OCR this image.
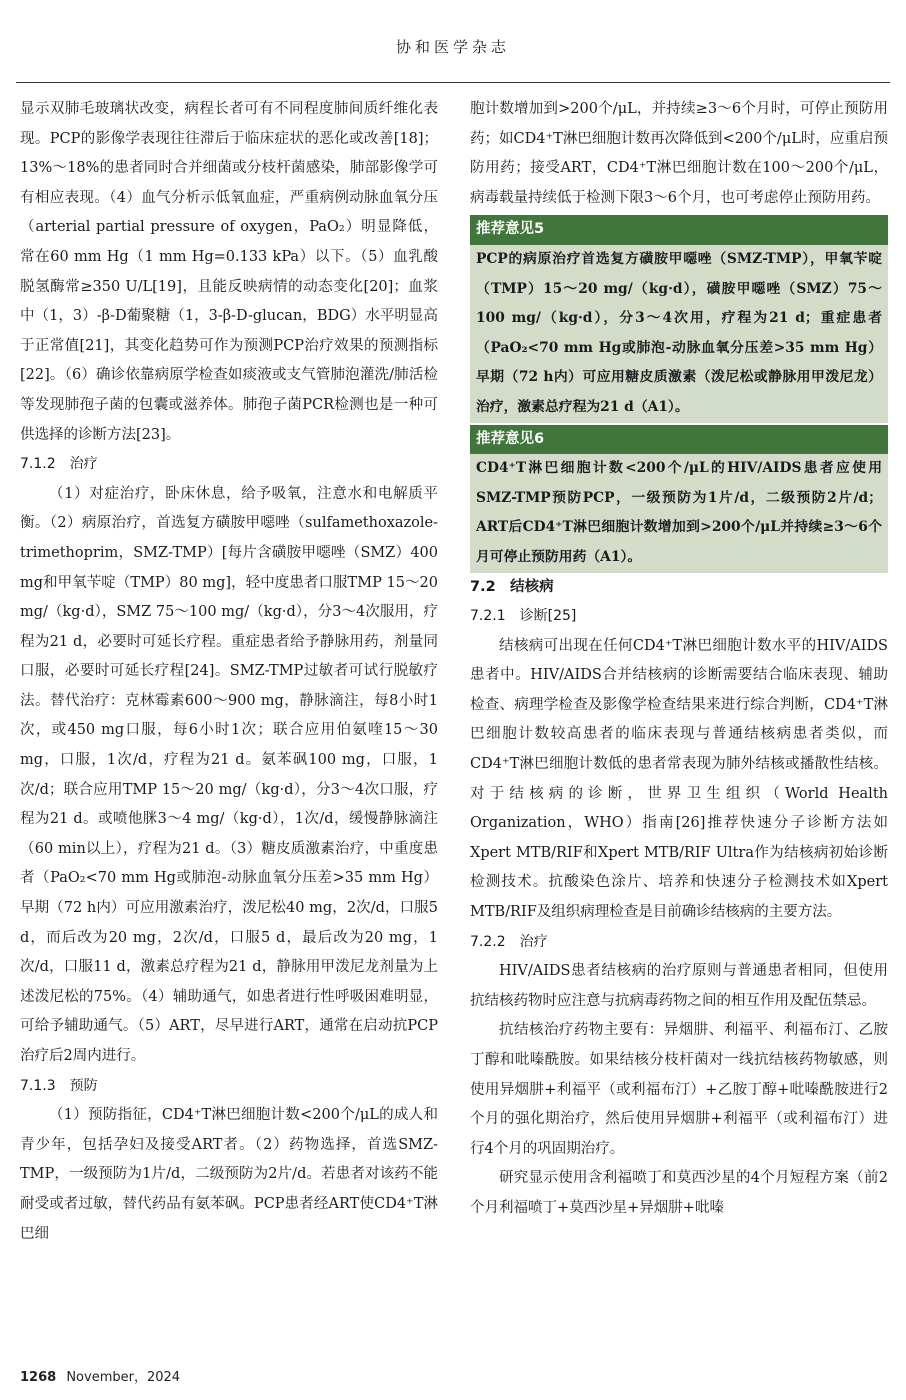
协和医学杂志

显示双肺毛玻璃状改变，病程长者可有不同程度肺间质纤维化表现。PCP的影像学表现往往滞后于临床症状的恶化或改善[18]；13%～18%的患者同时合并细菌或分枝杆菌感染，肺部影像学可有相应表现。（4）血气分析示低氧血症，严重病例动脉血氧分压（arterial partial pressure of oxygen，PaO₂）明显降低，常在60 mm Hg（1 mm Hg=0.133 kPa）以下。（5）血乳酸脱氢酶常≥350 U/L[19]，且能反映病情的动态变化[20]；血浆中（1，3）-β-D葡聚糖（1，3-β-D-glucan，BDG）水平明显高于正常值[21]，其变化趋势可作为预测PCP治疗效果的预测指标[22]。（6）确诊依靠病原学检查如痰液或支气管肺泡灌洗/肺活检等发现肺孢子菌的包囊或滋养体。肺孢子菌PCR检测也是一种可供选择的诊断方法[23]。

7.1.2　治疗

（1）对症治疗，卧床休息，给予吸氧，注意水和电解质平衡。（2）病原治疗，首选复方磺胺甲噁唑（sulfamethoxazole-trimethoprim，SMZ-TMP）[每片含磺胺甲噁唑（SMZ）400 mg和甲氧苄啶（TMP）80 mg]，轻中度患者口服TMP 15～20 mg/（kg·d），SMZ 75～100 mg/（kg·d），分3～4次服用，疗程为21 d，必要时可延长疗程。重症患者给予静脉用药，剂量同口服，必要时可延长疗程[24]。SMZ-TMP过敏者可试行脱敏疗法。替代治疗：克林霉素600～900 mg，静脉滴注，每8小时1次，或450 mg口服，每6小时1次；联合应用伯氨喹15～30 mg，口服，1次/d，疗程为21 d。氨苯砜100 mg，口服，1次/d；联合应用TMP 15～20 mg/（kg·d），分3～4次口服，疗程为21 d。或喷他脒3～4 mg/（kg·d），1次/d，缓慢静脉滴注（60 min以上），疗程为21 d。（3）糖皮质激素治疗，中重度患者（PaO₂<70 mm Hg或肺泡-动脉血氧分压差>35 mm Hg）早期（72 h内）可应用激素治疗，泼尼松40 mg，2次/d，口服5 d，而后改为20 mg，2次/d，口服5 d，最后改为20 mg，1次/d，口服11 d，激素总疗程为21 d，静脉用甲泼尼龙剂量为上述泼尼松的75%。（4）辅助通气，如患者进行性呼吸困难明显，可给予辅助通气。（5）ART，尽早进行ART，通常在启动抗PCP治疗后2周内进行。

7.1.3　预防

（1）预防指征，CD4⁺T淋巴细胞计数<200个/μL的成人和青少年，包括孕妇及接受ART者。（2）药物选择，首选SMZ-TMP，一级预防为1片/d，二级预防为2片/d。若患者对该药不能耐受或者过敏，替代药品有氨苯砜。PCP患者经ART使CD4⁺T淋巴细

胞计数增加到>200个/μL，并持续≥3～6个月时，可停止预防用药；如CD4⁺T淋巴细胞计数再次降低到<200个/μL时，应重启预防用药；接受ART，CD4⁺T淋巴细胞计数在100～200个/μL，病毒载量持续低于检测下限3～6个月，也可考虑停止预防用药。

推荐意见5
PCP的病原治疗首选复方磺胺甲噁唑（SMZ-TMP），甲氧苄啶（TMP）15～20 mg/（kg·d），磺胺甲噁唑（SMZ）75～100 mg/（kg·d），分3～4次用，疗程为21 d；重症患者（PaO₂<70 mm Hg或肺泡-动脉血氧分压差>35 mm Hg）早期（72 h内）可应用糖皮质激素（泼尼松或静脉用甲泼尼龙）治疗，激素总疗程为21 d（A1）。
推荐意见6
CD4⁺T淋巴细胞计数<200个/μL的HIV/AIDS患者应使用SMZ-TMP预防PCP，一级预防为1片/d，二级预防2片/d；ART后CD4⁺T淋巴细胞计数增加到>200个/μL并持续≥3～6个月可停止预防用药（A1）。

7.2　结核病

7.2.1　诊断[25]

结核病可出现在任何CD4⁺T淋巴细胞计数水平的HIV/AIDS患者中。HIV/AIDS合并结核病的诊断需要结合临床表现、辅助检查、病理学检查及影像学检查结果来进行综合判断，CD4⁺T淋巴细胞计数较高患者的临床表现与普通结核病患者类似，而CD4⁺T淋巴细胞计数低的患者常表现为肺外结核或播散性结核。对于结核病的诊断，世界卫生组织（World Health Organization，WHO）指南[26]推荐快速分子诊断方法如Xpert MTB/RIF和Xpert MTB/RIF Ultra作为结核病初始诊断检测技术。抗酸染色涂片、培养和快速分子检测技术如Xpert MTB/RIF及组织病理检查是目前确诊结核病的主要方法。

7.2.2　治疗

HIV/AIDS患者结核病的治疗原则与普通患者相同，但使用抗结核药物时应注意与抗病毒药物之间的相互作用及配伍禁忌。

抗结核治疗药物主要有：异烟肼、利福平、利福布汀、乙胺丁醇和吡嗪酰胺。如果结核分枝杆菌对一线抗结核药物敏感，则使用异烟肼+利福平（或利福布汀）+乙胺丁醇+吡嗪酰胺进行2个月的强化期治疗，然后使用异烟肼+利福平（或利福布汀）进行4个月的巩固期治疗。

研究显示使用含利福喷丁和莫西沙星的4个月短程方案（前2个月利福喷丁+莫西沙星+异烟肼+吡嗪

1268 November，2024
